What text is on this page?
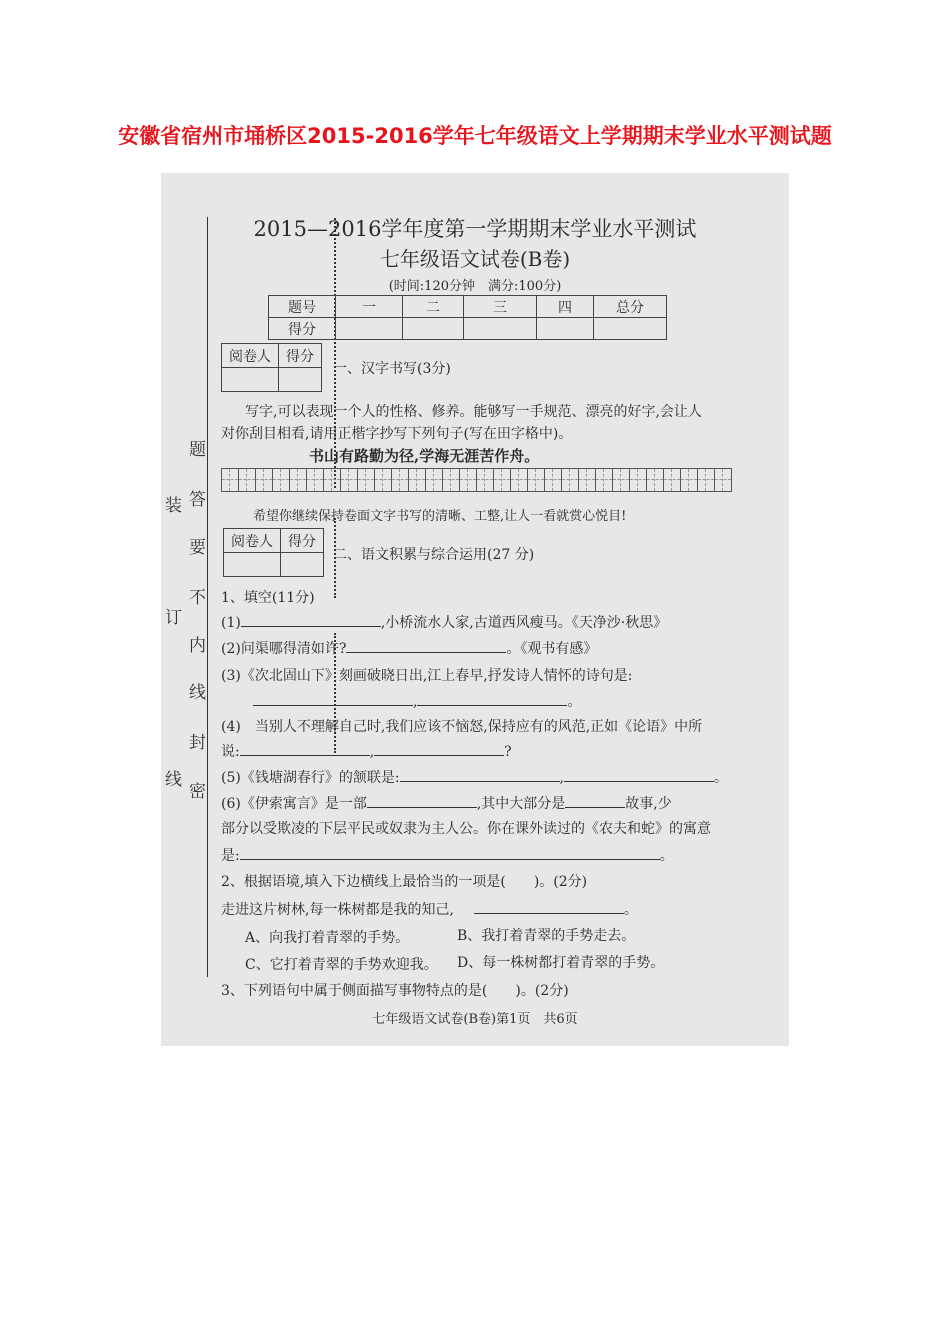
安徽省宿州市埇桥区2015-2016学年七年级语文上学期期末学业水平测试题
装
订
线
题
答
要
不
内
线
封
密
2015—2016学年度第一学期期末学业水平测试
七年级语文试卷(B卷)
(时间:120分钟　满分:100分)
题号	一	二	三	四	总分
得分					
阅卷人	得分

一、汉字书写(3分)
写字,可以表现一个人的性格、修养。能够写一手规范、漂亮的好字,会让人
对你刮目相看,请用正楷字抄写下列句子(写在田字格中)。
书山有路勤为径,学海无涯苦作舟。
希望你继续保持卷面文字书写的清晰、工整,让人一看就赏心悦目!
阅卷人	得分

二、语文积累与综合运用(27 分)
1、填空(11分)
(1)	,小桥流水人家,古道西风瘦马。《天净沙·秋思》
(2)问渠哪得清如许?	。《观书有感》
(3)《次北固山下》刻画破晓日出,江上春早,抒发诗人情怀的诗句是:
,	。
(4)　当别人不理解自己时,我们应该不恼怒,保持应有的风范,正如《论语》中所
说:	,	?
(5)《钱塘湖春行》的颔联是:	,	。
(6)《伊索寓言》是一部	,其中大部分是	故事,少
部分以受欺凌的下层平民或奴隶为主人公。你在课外读过的《农夫和蛇》的寓意
是:	。
2、根据语境,填入下边横线上最恰当的一项是(　　)。(2分)
走进这片树林,每一株树都是我的知己,	。
A、向我打着青翠的手势。	B、我打着青翠的手势走去。
C、它打着青翠的手势欢迎我。 D、每一株树都打着青翠的手势。
3、下列语句中属于侧面描写事物特点的是(　　)。(2分)
七年级语文试卷(B卷)第1页　共6页
